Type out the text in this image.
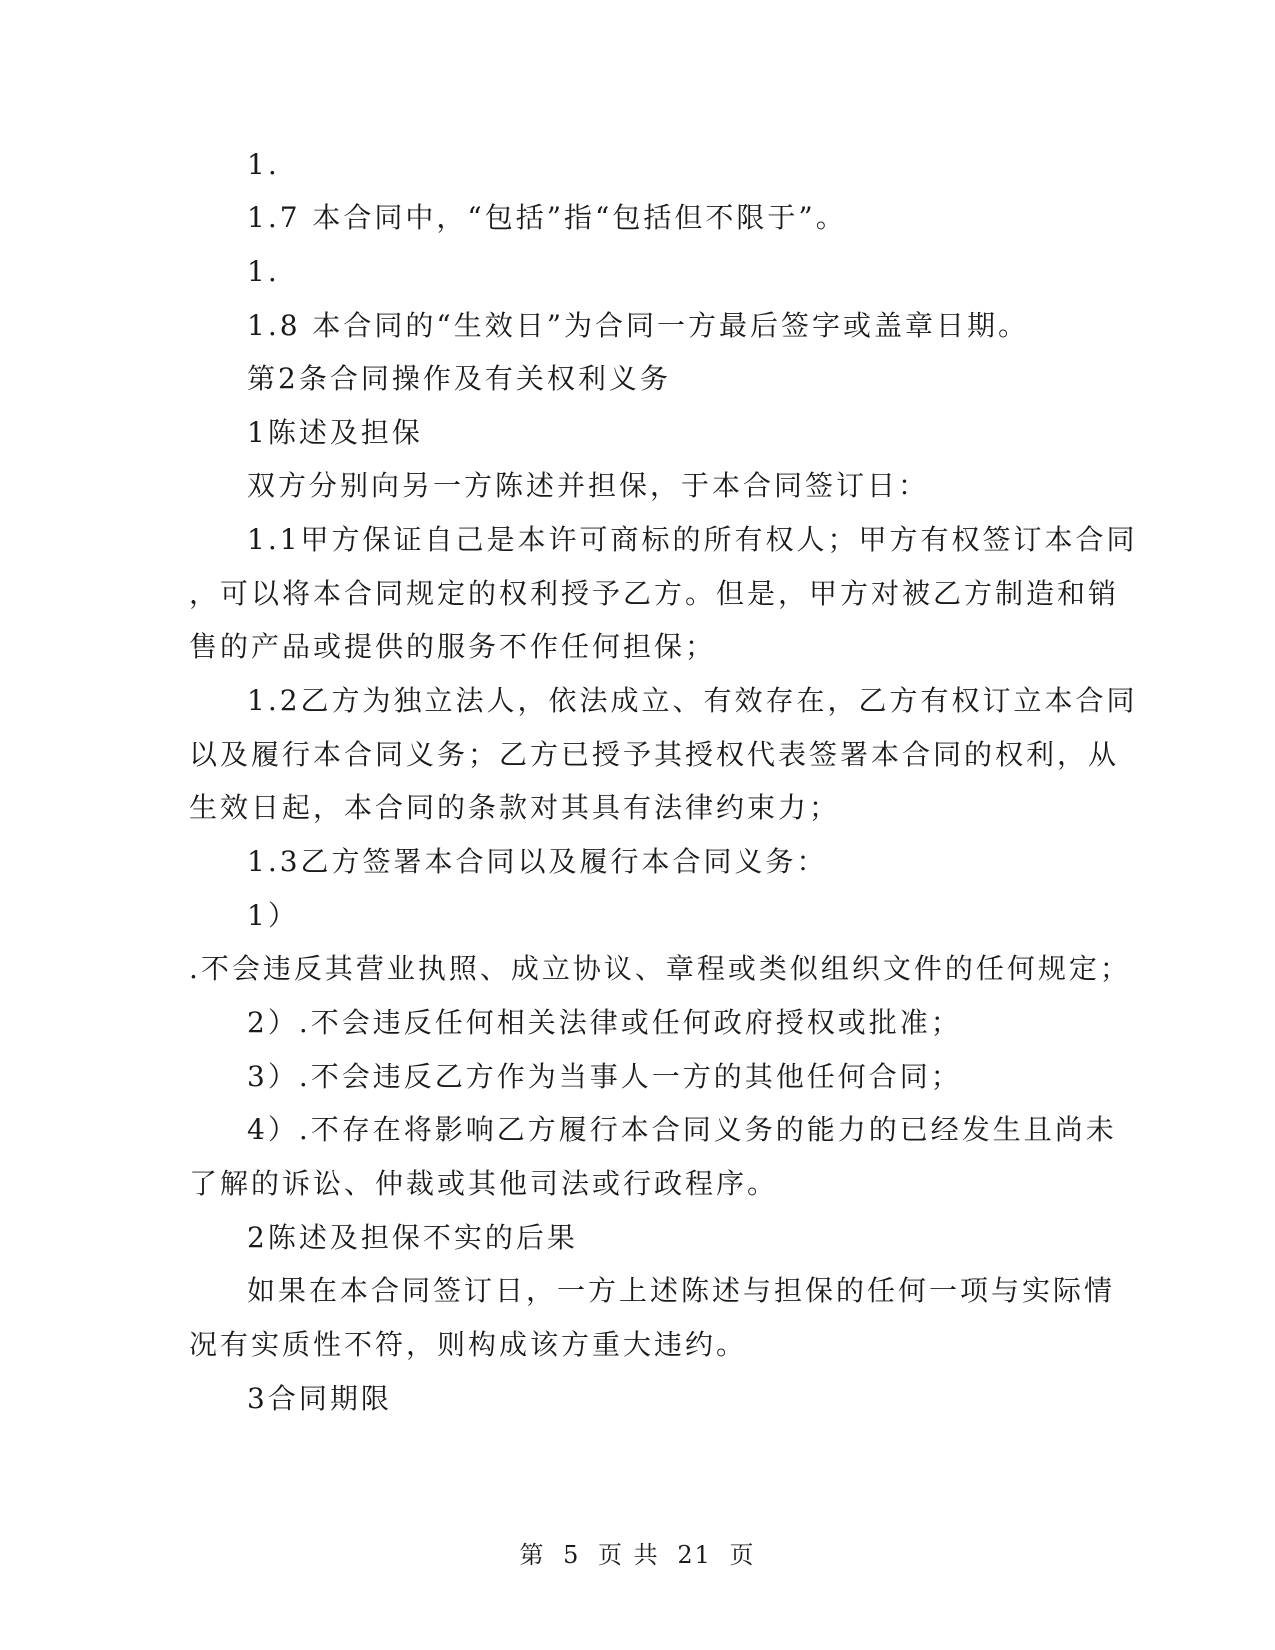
1.
1.7 本合同中，“包括”指“包括但不限于”。
1.
1.8 本合同的“生效日”为合同一方最后签字或盖章日期。
第2条合同操作及有关权利义务
1陈述及担保
双方分别向另一方陈述并担保，于本合同签订日：
1.1甲方保证自己是本许可商标的所有权人；甲方有权签订本合同
，可以将本合同规定的权利授予乙方。但是，甲方对被乙方制造和销
售的产品或提供的服务不作任何担保；
1.2乙方为独立法人，依法成立、有效存在，乙方有权订立本合同
以及履行本合同义务；乙方已授予其授权代表签署本合同的权利，从
生效日起，本合同的条款对其具有法律约束力；
1.3乙方签署本合同以及履行本合同义务：
1）
.不会违反其营业执照、成立协议、章程或类似组织文件的任何规定；
2）.不会违反任何相关法律或任何政府授权或批准；
3）.不会违反乙方作为当事人一方的其他任何合同；
4）.不存在将影响乙方履行本合同义务的能力的已经发生且尚未
了解的诉讼、仲裁或其他司法或行政程序。
2陈述及担保不实的后果
如果在本合同签订日，一方上述陈述与担保的任何一项与实际情
况有实质性不符，则构成该方重大违约。
3合同期限
第 5 页 共 21 页
